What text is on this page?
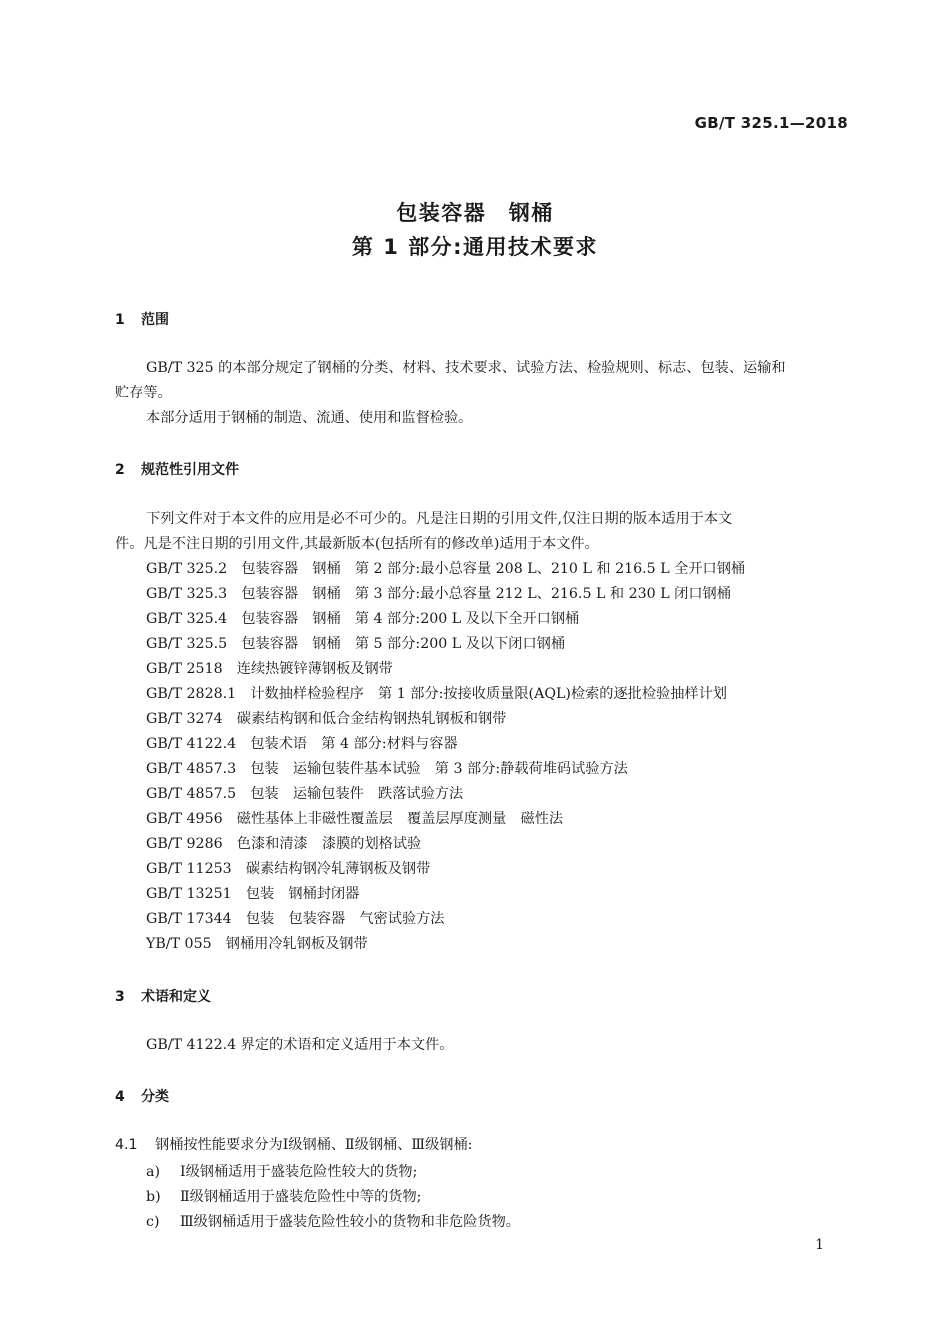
GB/T 325.1—2018
包装容器　钢桶
第 1 部分:通用技术要求
1 范围
GB/T 325 的本部分规定了钢桶的分类、材料、技术要求、试验方法、检验规则、标志、包装、运输和
贮存等。
本部分适用于钢桶的制造、流通、使用和监督检验。
2 规范性引用文件
下列文件对于本文件的应用是必不可少的。凡是注日期的引用文件,仅注日期的版本适用于本文
件。凡是不注日期的引用文件,其最新版本(包括所有的修改单)适用于本文件。
GB/T 325.2　包装容器　钢桶　第 2 部分:最小总容量 208 L、210 L 和 216.5 L 全开口钢桶
GB/T 325.3　包装容器　钢桶　第 3 部分:最小总容量 212 L、216.5 L 和 230 L 闭口钢桶
GB/T 325.4　包装容器　钢桶　第 4 部分:200 L 及以下全开口钢桶
GB/T 325.5　包装容器　钢桶　第 5 部分:200 L 及以下闭口钢桶
GB/T 2518　连续热镀锌薄钢板及钢带
GB/T 2828.1　计数抽样检验程序　第 1 部分:按接收质量限(AQL)检索的逐批检验抽样计划
GB/T 3274　碳素结构钢和低合金结构钢热轧钢板和钢带
GB/T 4122.4　包装术语　第 4 部分:材料与容器
GB/T 4857.3　包装　运输包装件基本试验　第 3 部分:静载荷堆码试验方法
GB/T 4857.5　包装　运输包装件　跌落试验方法
GB/T 4956　磁性基体上非磁性覆盖层　覆盖层厚度测量　磁性法
GB/T 9286　色漆和清漆　漆膜的划格试验
GB/T 11253　碳素结构钢冷轧薄钢板及钢带
GB/T 13251　包装　钢桶封闭器
GB/T 17344　包装　包装容器　气密试验方法
YB/T 055　钢桶用冷轧钢板及钢带
3 术语和定义
GB/T 4122.4 界定的术语和定义适用于本文件。
4 分类
4.1 钢桶按性能要求分为Ⅰ级钢桶、Ⅱ级钢桶、Ⅲ级钢桶:
a) Ⅰ级钢桶适用于盛装危险性较大的货物;
b) Ⅱ级钢桶适用于盛装危险性中等的货物;
c) Ⅲ级钢桶适用于盛装危险性较小的货物和非危险货物。
1
